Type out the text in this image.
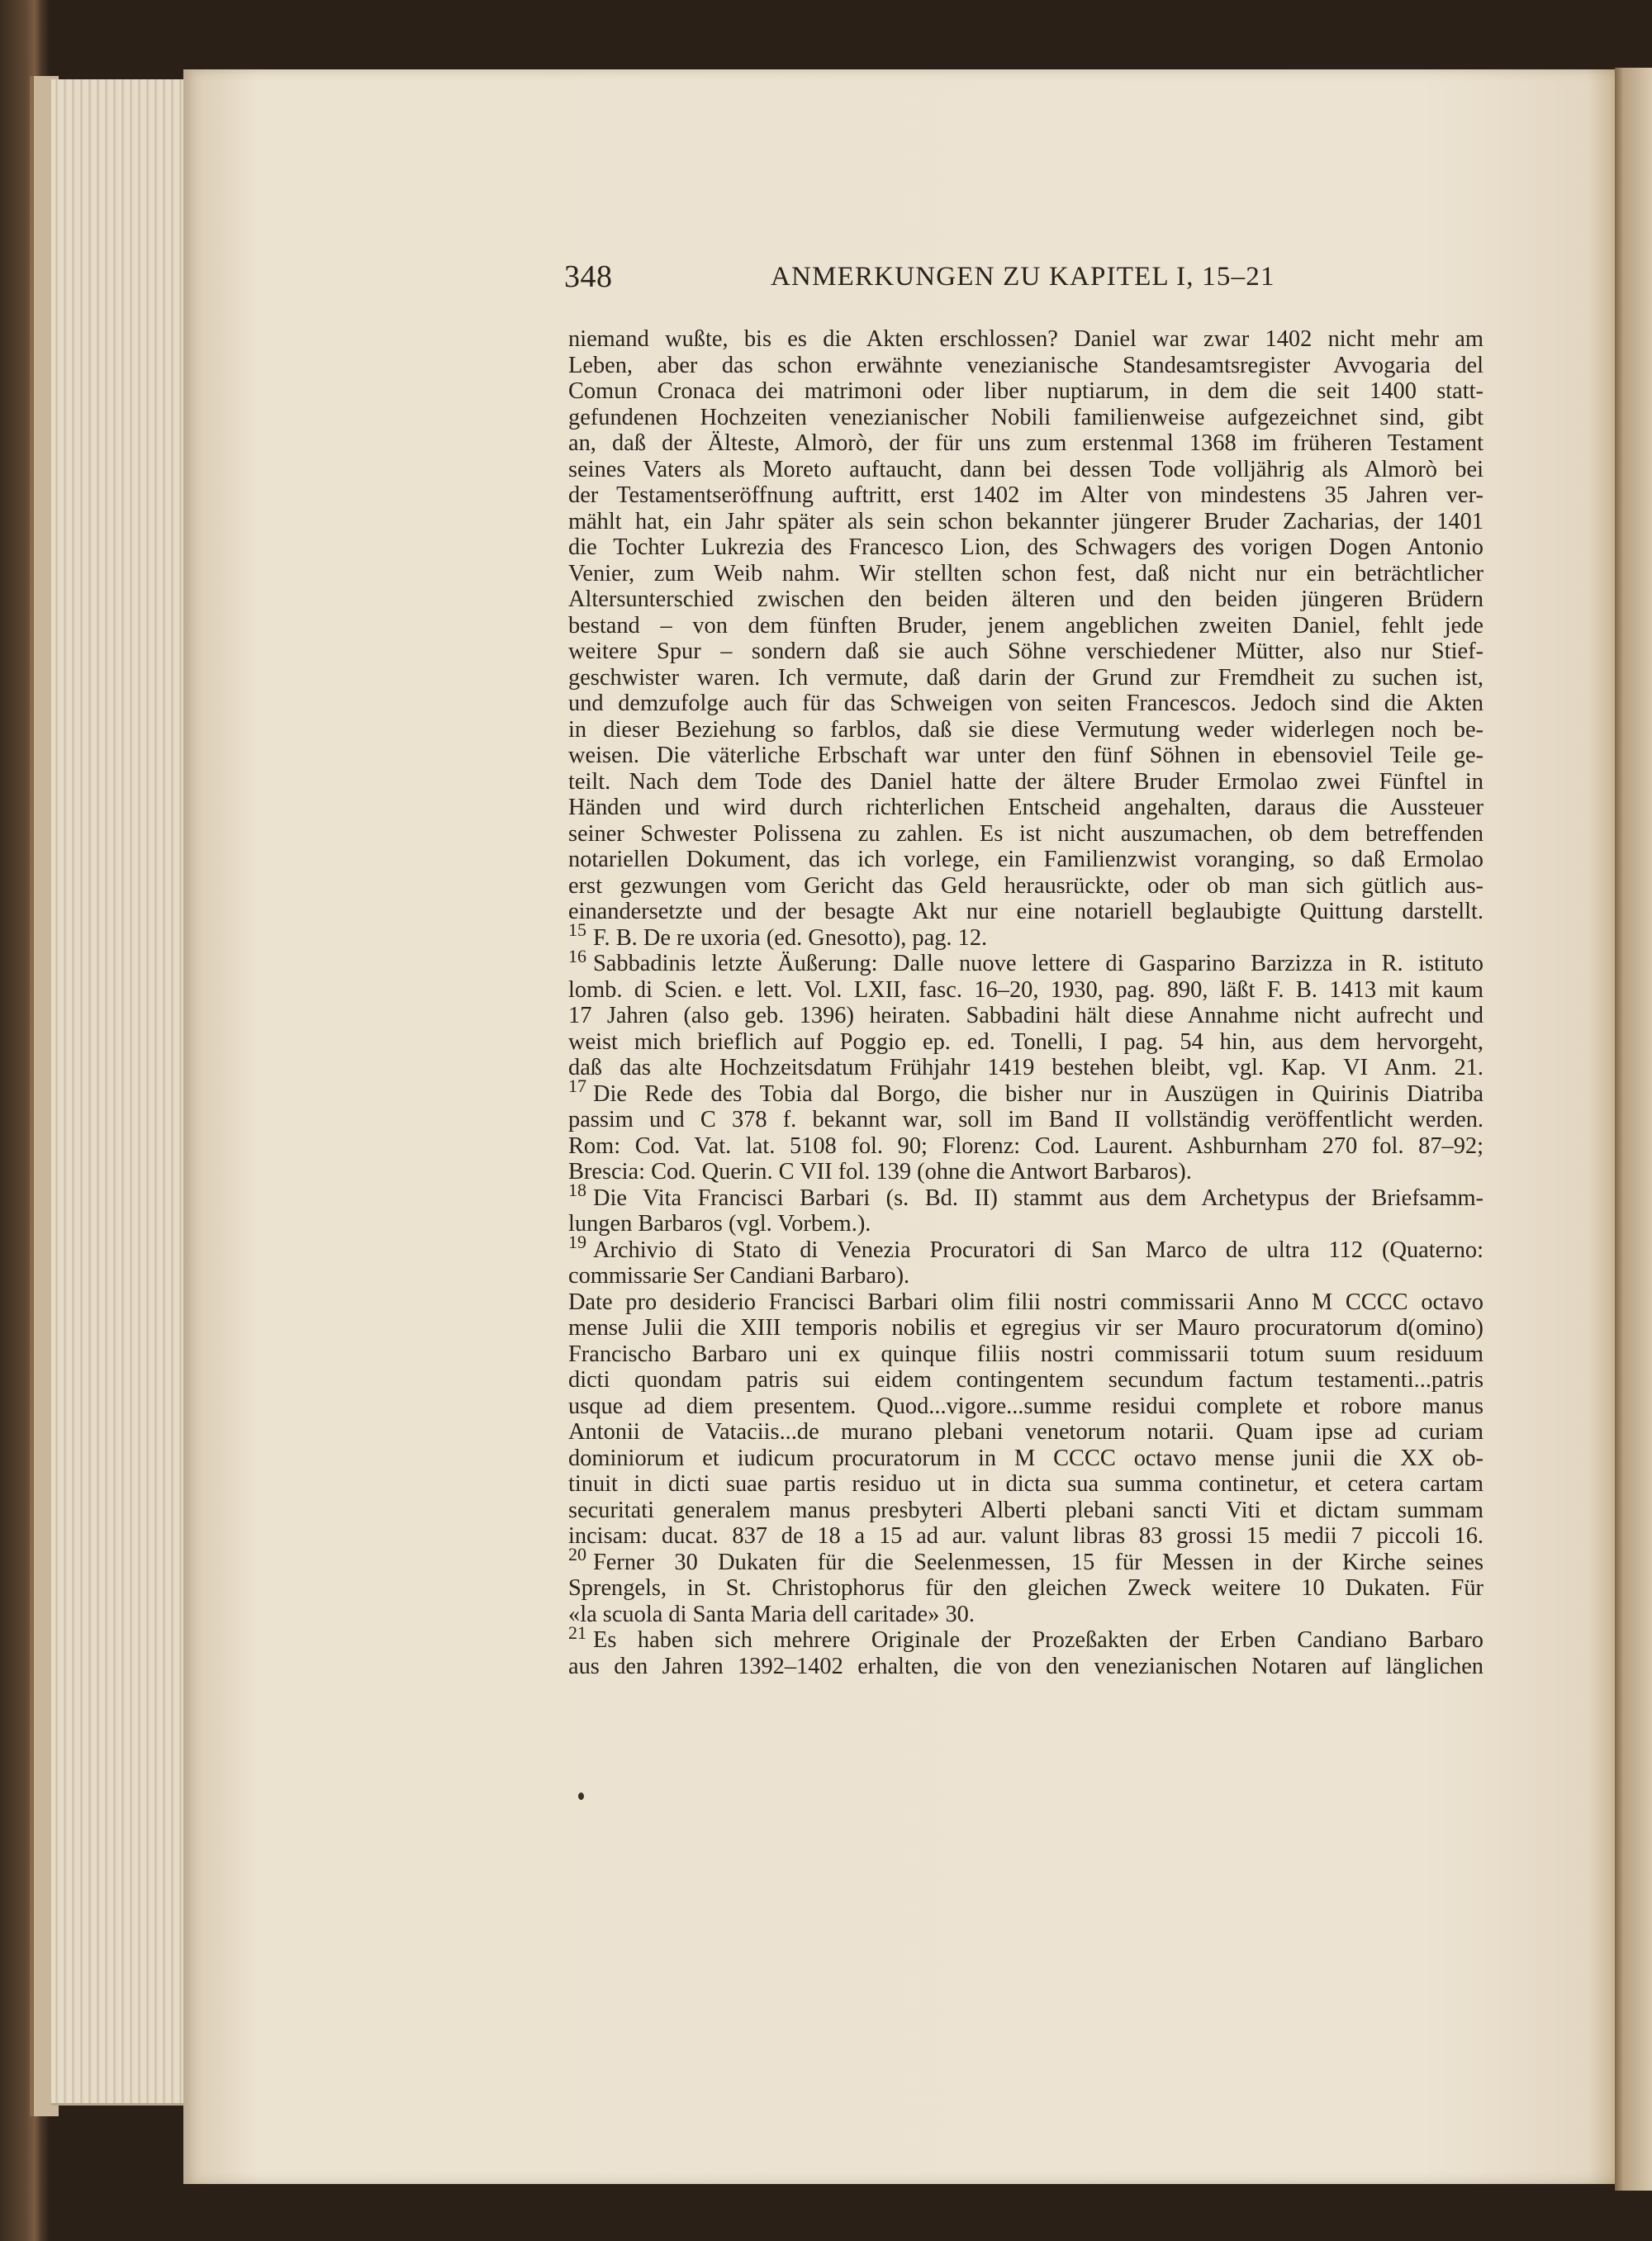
348	ANMERKUNGEN ZU KAPITEL I, 15–21
niemand wußte, bis es die Akten erschlossen? Daniel war zwar 1402 nicht mehr am
Leben, aber das schon erwähnte venezianische Standesamtsregister Avvogaria del
Comun Cronaca dei matrimoni oder liber nuptiarum, in dem die seit 1400 statt-
gefundenen Hochzeiten venezianischer Nobili familienweise aufgezeichnet sind, gibt
an, daß der Älteste, Almorò, der für uns zum erstenmal 1368 im früheren Testament
seines Vaters als Moreto auftaucht, dann bei dessen Tode volljährig als Almorò bei
der Testamentseröffnung auftritt, erst 1402 im Alter von mindestens 35 Jahren ver-
mählt hat, ein Jahr später als sein schon bekannter jüngerer Bruder Zacharias, der 1401
die Tochter Lukrezia des Francesco Lion, des Schwagers des vorigen Dogen Antonio
Venier, zum Weib nahm. Wir stellten schon fest, daß nicht nur ein beträchtlicher
Altersunterschied zwischen den beiden älteren und den beiden jüngeren Brüdern
bestand – von dem fünften Bruder, jenem angeblichen zweiten Daniel, fehlt jede
weitere Spur – sondern daß sie auch Söhne verschiedener Mütter, also nur Stief-
geschwister waren. Ich vermute, daß darin der Grund zur Fremdheit zu suchen ist,
und demzufolge auch für das Schweigen von seiten Francescos. Jedoch sind die Akten
in dieser Beziehung so farblos, daß sie diese Vermutung weder widerlegen noch be-
weisen. Die väterliche Erbschaft war unter den fünf Söhnen in ebensoviel Teile ge-
teilt. Nach dem Tode des Daniel hatte der ältere Bruder Ermolao zwei Fünftel in
Händen und wird durch richterlichen Entscheid angehalten, daraus die Aussteuer
seiner Schwester Polissena zu zahlen. Es ist nicht auszumachen, ob dem betreffenden
notariellen Dokument, das ich vorlege, ein Familienzwist voranging, so daß Ermolao
erst gezwungen vom Gericht das Geld herausrückte, oder ob man sich gütlich aus-
einandersetzte und der besagte Akt nur eine notariell beglaubigte Quittung darstellt.
$^{15}$ F. B. De re uxoria (ed. Gnesotto), pag. 12.
$^{16}$ Sabbadinis letzte Äußerung: Dalle nuove lettere di Gasparino Barzizza in R. istituto
lomb. di Scien. e lett. Vol. LXII, fasc. 16–20, 1930, pag. 890, läßt F. B. 1413 mit kaum
17 Jahren (also geb. 1396) heiraten. Sabbadini hält diese Annahme nicht aufrecht und
weist mich brieflich auf Poggio ep. ed. Tonelli, I pag. 54 hin, aus dem hervorgeht,
daß das alte Hochzeitsdatum Frühjahr 1419 bestehen bleibt, vgl. Kap. VI Anm. 21.
$^{17}$ Die Rede des Tobia dal Borgo, die bisher nur in Auszügen in Quirinis Diatriba
passim und C 378 f. bekannt war, soll im Band II vollständig veröffentlicht werden.
Rom: Cod. Vat. lat. 5108 fol. 90; Florenz: Cod. Laurent. Ashburnham 270 fol. 87–92;
Brescia: Cod. Querin. C VII fol. 139 (ohne die Antwort Barbaros).
$^{18}$ Die Vita Francisci Barbari (s. Bd. II) stammt aus dem Archetypus der Briefsamm-
lungen Barbaros (vgl. Vorbem.).
$^{19}$ Archivio di Stato di Venezia Procuratori di San Marco de ultra 112 (Quaterno:
commissarie Ser Candiani Barbaro).
Date pro desiderio Francisci Barbari olim filii nostri commissarii Anno M CCCC octavo
mense Julii die XIII temporis nobilis et egregius vir ser Mauro procuratorum d(omino)
Francischo Barbaro uni ex quinque filiis nostri commissarii totum suum residuum
dicti quondam patris sui eidem contingentem secundum factum testamenti...patris
usque ad diem presentem. Quod...vigore...summe residui complete et robore manus
Antonii de Vataciis...de murano plebani venetorum notarii. Quam ipse ad curiam
dominiorum et iudicum procuratorum in M CCCC octavo mense junii die XX ob-
tinuit in dicti suae partis residuo ut in dicta sua summa continetur, et cetera cartam
securitati generalem manus presbyteri Alberti plebani sancti Viti et dictam summam
incisam: ducat. 837 de 18 a 15 ad aur. valunt libras 83 grossi 15 medii 7 piccoli 16.
$^{20}$ Ferner 30 Dukaten für die Seelenmessen, 15 für Messen in der Kirche seines
Sprengels, in St. Christophorus für den gleichen Zweck weitere 10 Dukaten. Für
«la scuola di Santa Maria dell caritade» 30.
$^{21}$ Es haben sich mehrere Originale der Prozeßakten der Erben Candiano Barbaro
aus den Jahren 1392–1402 erhalten, die von den venezianischen Notaren auf länglichen
